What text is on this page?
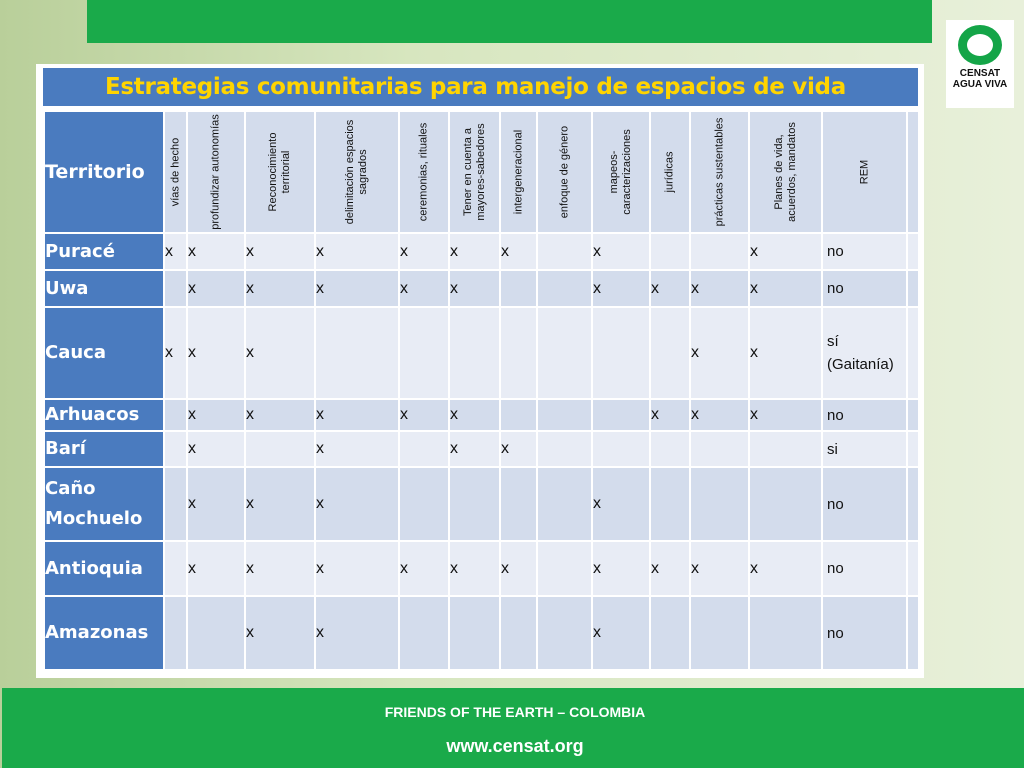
CENSAT
AGUA VIVA
Estrategias comunitarias para manejo de espacios de vida
Territorio	vías de hecho	profundizar autonomías	Reconocimiento territorial	delimitación espacios sagrados	ceremonias, rituales	Tener en cuenta a mayores-sabedores	intergeneracional	enfoque de género	mapeos- caracterizaciones	jurídicas	prácticas sustentables	Planes de vida, acuerdos, mandatos	REM	

Puracé	x	x	x	x	x	x	x		x			x	no	
Uwa		x	x	x	x	x			x	x	x	x	no	
Cauca	x	x	x								x	x	sí (Gaitanía)	
Arhuacos		x	x	x	x	x				x	x	x	no	
Barí		x		x		x	x						si	
Caño Mochuelo		x	x	x					x				no	
Antioquia		x	x	x	x	x	x		x	x	x	x	no	
Amazonas			x	x					x				no	
FRIENDS OF THE EARTH – COLOMBIA
www.censat.org
